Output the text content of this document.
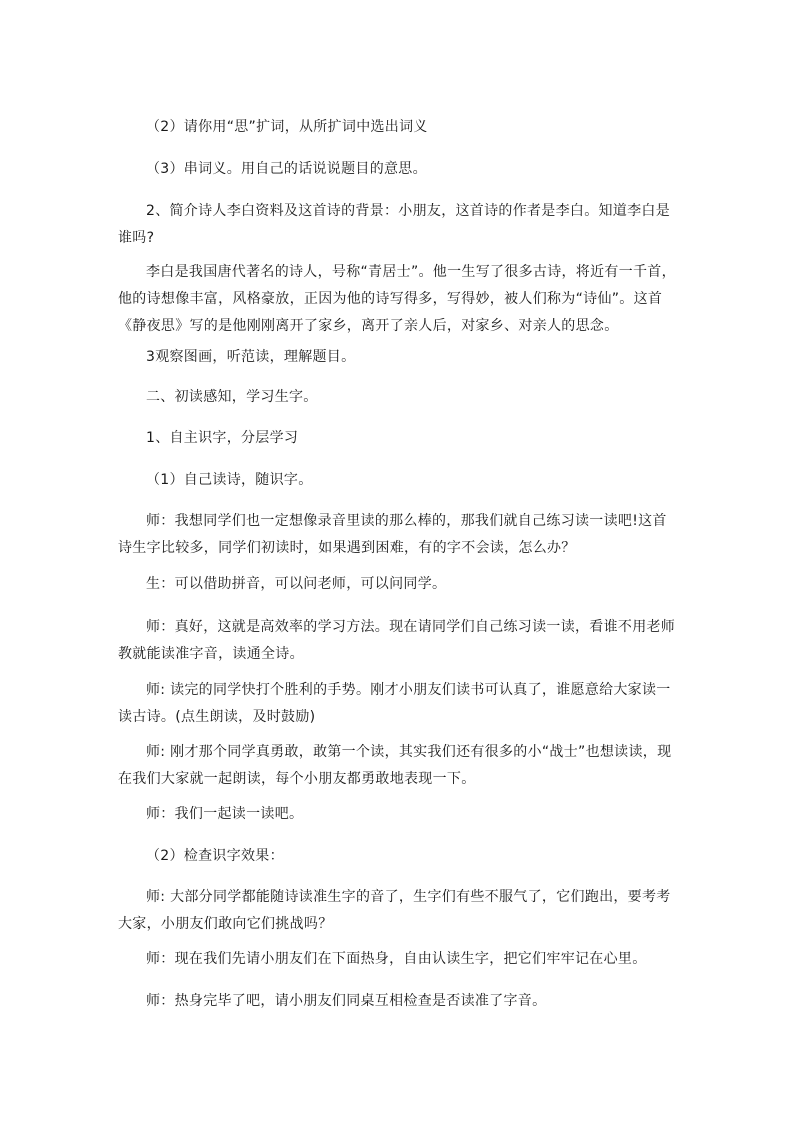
（2）请你用“思”扩词，从所扩词中选出词义

（3）串词义。用自己的话说说题目的意思。

2、简介诗人李白资料及这首诗的背景：小朋友，这首诗的作者是李白。知道李白是谁吗?

李白是我国唐代著名的诗人，号称“青居士”。他一生写了很多古诗，将近有一千首，他的诗想像丰富，风格豪放，正因为他的诗写得多，写得妙，被人们称为“诗仙”。这首《静夜思》写的是他刚刚离开了家乡，离开了亲人后，对家乡、对亲人的思念。

3观察图画，听范读，理解题目。

二、初读感知，学习生字。

1、自主识字，分层学习

（1）自己读诗，随识字。

师：我想同学们也一定想像录音里读的那么棒的，那我们就自己练习读一读吧!这首诗生字比较多，同学们初读时，如果遇到困难，有的字不会读，怎么办？

生：可以借助拼音，可以问老师，可以问同学。

师：真好，这就是高效率的学习方法。现在请同学们自己练习读一读，看谁不用老师教就能读准字音，读通全诗。

师: 读完的同学快打个胜利的手势。刚才小朋友们读书可认真了，谁愿意给大家读一读古诗。(点生朗读，及时鼓励)

师: 刚才那个同学真勇敢，敢第一个读，其实我们还有很多的小“战士”也想读读，现在我们大家就一起朗读，每个小朋友都勇敢地表现一下。

师：我们一起读一读吧。

（2）检查识字效果：

师: 大部分同学都能随诗读准生字的音了，生字们有些不服气了，它们跑出，要考考大家，小朋友们敢向它们挑战吗？

师：现在我们先请小朋友们在下面热身，自由认读生字，把它们牢牢记在心里。

师：热身完毕了吧，请小朋友们同桌互相检查是否读准了字音。
